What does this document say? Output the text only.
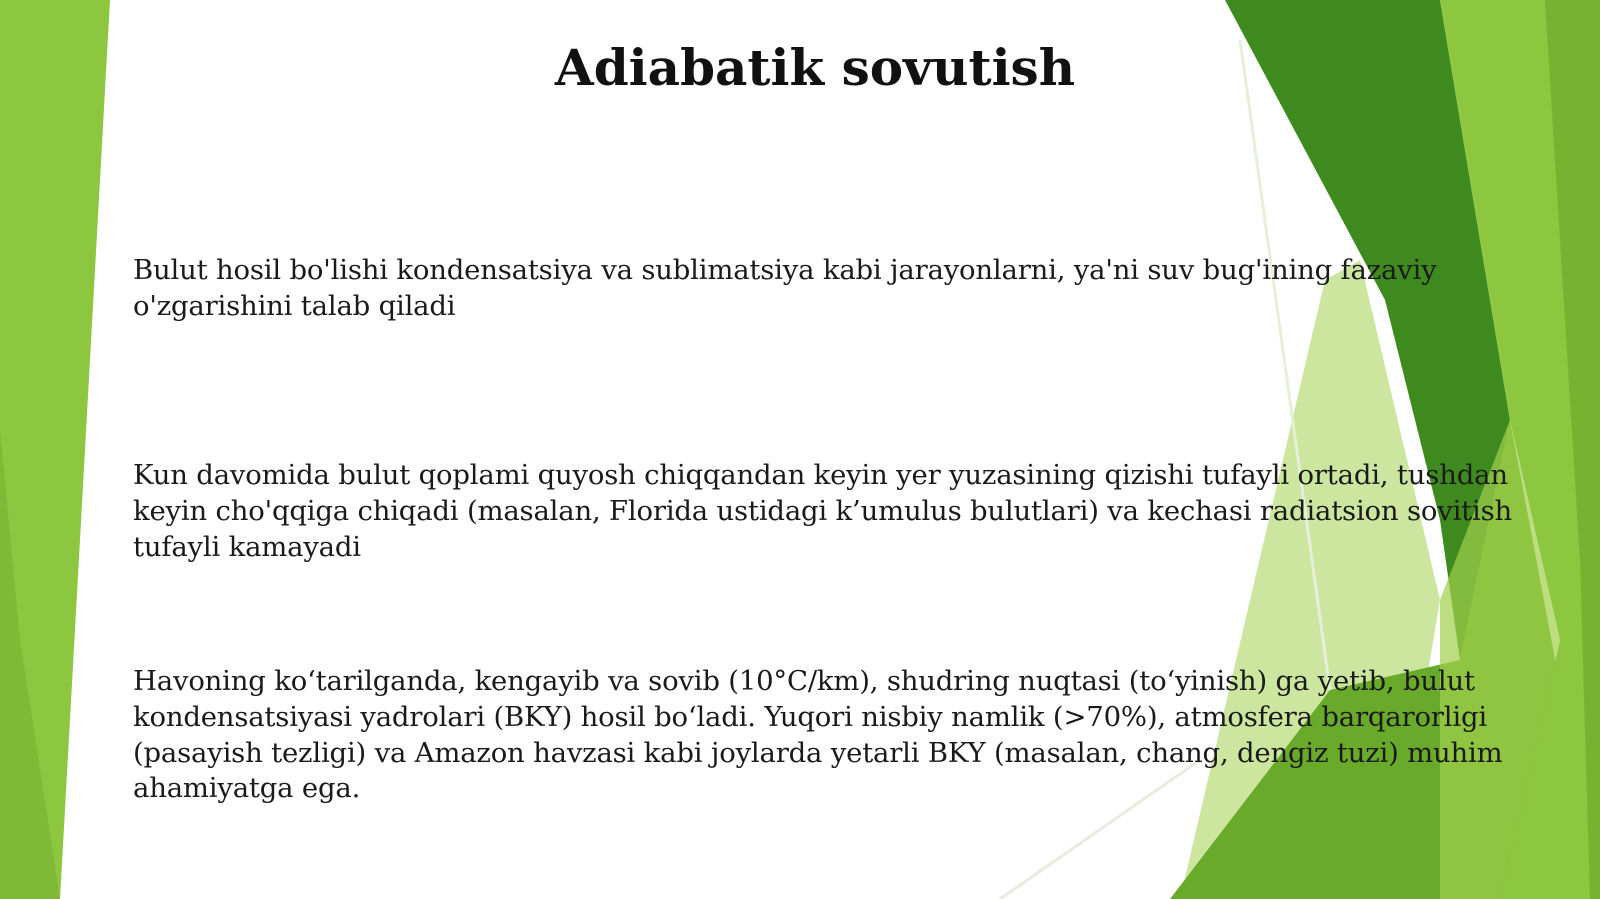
Adiabatik sovutish
Bulut hosil bo'lishi kondensatsiya va sublimatsiya kabi jarayonlarni, ya'ni suv bug'ining fazaviy o'zgarishini talab qiladi
Kun davomida bulut qoplami quyosh chiqqandan keyin yer yuzasining qizishi tufayli ortadi, tushdan keyin cho'qqiga chiqadi (masalan, Florida ustidagi k’umulus bulutlari) va kechasi radiatsion sovitish tufayli kamayadi
Havoning ko‘tarilganda, kengayib va sovib (10°C/km), shudring nuqtasi (to‘yinish) ga yetib, bulut kondensatsiyasi yadrolari (BKY) hosil bo‘ladi. Yuqori nisbiy namlik (>70%), atmosfera barqarorligi (pasayish tezligi) va Amazon havzasi kabi joylarda yetarli BKY (masalan, chang, dengiz tuzi) muhim ahamiyatga ega.
